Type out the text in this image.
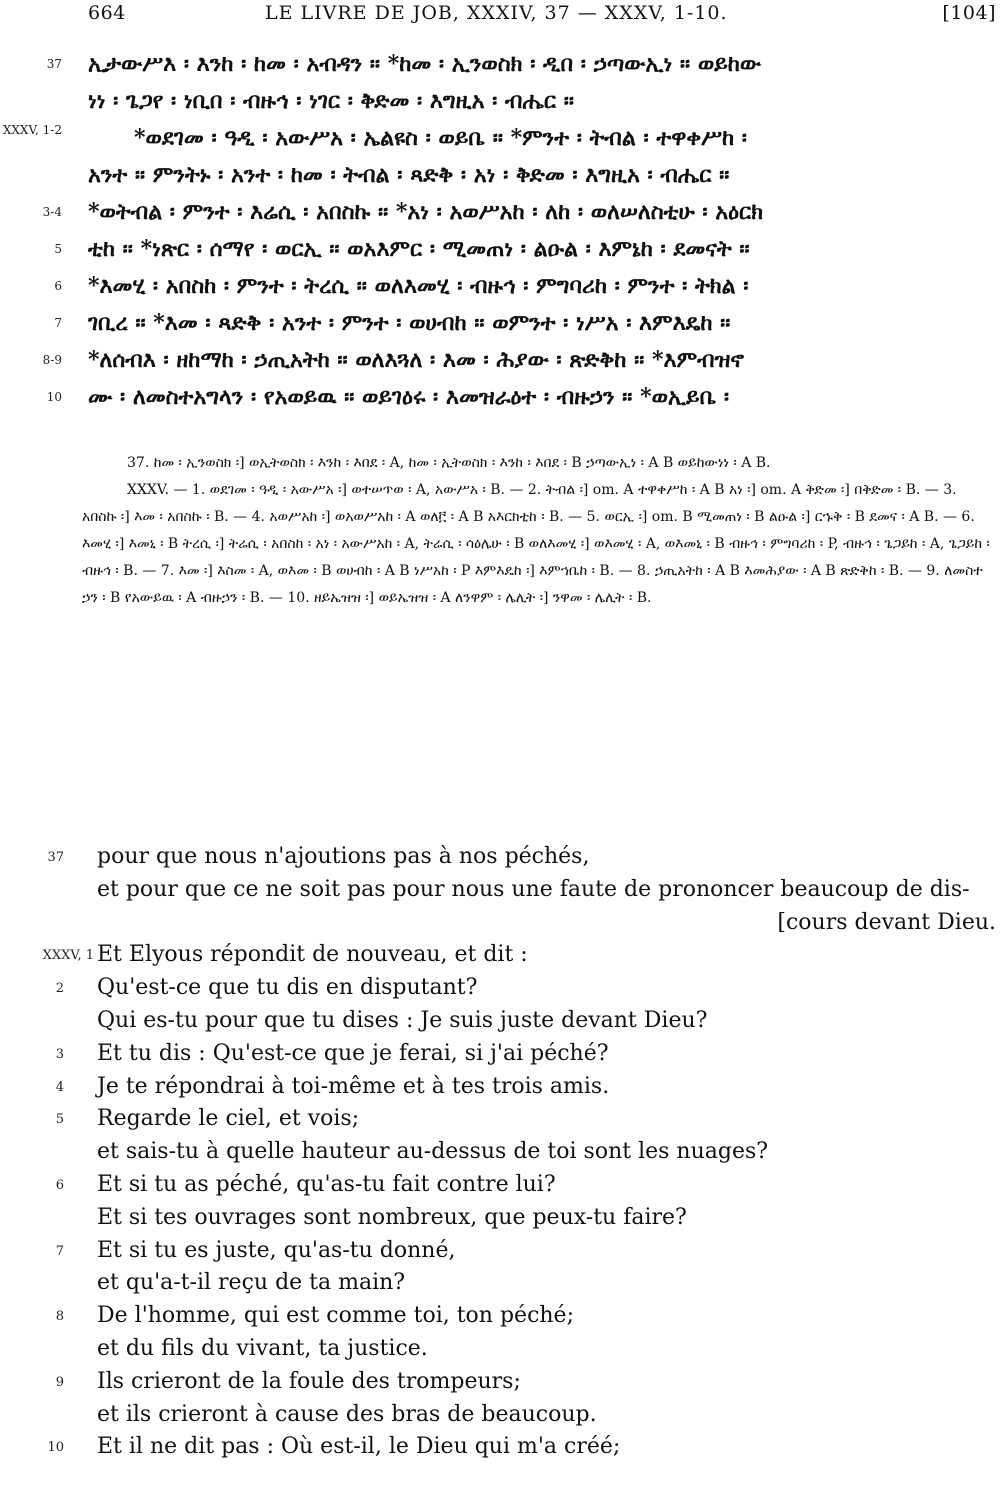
664	LE LIVRE DE JOB, XXXIV, 37 — XXXV, 1-10.	[104]
37 ኢታውሥእ ፡ እንከ ፡ ከመ ፡ አብዳን ። *ከመ ፡ ኢንወስክ ፡ ዲበ ፡ ኃጣውኢነ ። ወይከው
ነነ ፡ ጌጋየ ፡ ነቢበ ፡ ብዙኅ ፡ ነገር ፡ ቅድመ ፡ እግዚአ ፡ ብሔር ።
XXXV, 1-2	*ወደገመ ፡ ዓዲ ፡ አውሥአ ፡ ኤልዩስ ፡ ወይቤ ። *ምንተ ፡ ትብል ፡ ተዋቀሥከ ፡
አንተ ። ምንትኑ ፡ አንተ ፡ ከመ ፡ ትብል ፡ ጻድቅ ፡ አነ ፡ ቅድመ ፡ እግዚአ ፡ ብሔር ።
3-4 *ወትብል ፡ ምንተ ፡ እሬሲ ፡ አበስኩ ። *አነ ፡ አወሥአከ ፡ ለከ ፡ ወለሠለስቲሁ ፡ አዕርክ
5 ቲከ ። *ነጽር ፡ ሰማየ ፡ ወርኢ ። ወአእምር ፡ ሚመጠነ ፡ ልዑል ፡ እምኔከ ፡ ደመናት ።
6 *እመሂ ፡ አበስከ ፡ ምንተ ፡ ትረሲ ። ወለእመሂ ፡ ብዙኅ ፡ ምግባሪከ ፡ ምንተ ፡ ትክል ፡
7 ገቢረ ። *እመ ፡ ጻድቅ ፡ አንተ ፡ ምንተ ፡ ወሀብከ ። ወምንተ ፡ ነሥአ ፡ እምእዴከ ።
8-9 *ለሰብእ ፡ ዘከማከ ፡ ኃጢአትከ ። ወለእጓለ ፡ እመ ፡ ሕያው ፡ ጽድቅከ ። *እምብዝኖ
10 ሙ ፡ ለመስተአግላን ፡ የአወይዉ ። ወይገዕሩ ፡ እመዝራዕተ ፡ ብዙኃን ። *ወኢይቤ ፡

37. ከመ ፡ ኢንወስክ ፡] ወኢትወስክ ፡ እንከ ፡ እበደ ፡ A, ከመ ፡ ኢትወስክ ፡ እንከ ፡ እበደ ፡ B ኃጣውኢነ ፡ A B ወይከውነነ ፡ A B.

XXXV. — 1. ወደገመ ፡ ዓዲ ፡ አውሥአ ፡] ወተሠጥወ ፡ A, አውሥአ ፡ B. — 2. ትብል ፡] om. A ተዋቀሥከ ፡ A B አነ ፡] om. A ቅድመ ፡] በቅድመ ፡ B. — 3. አበስኩ ፡] እመ ፡ አበስኩ ፡ B. — 4. አወሥአከ ፡] ወአወሥአከ ፡ A ወለ፫ ፡ A B አእርክቲከ ፡ B. — 5. ወርኢ ፡] om. B ሚመጠነ ፡ B ልዑል ፡] ርኁቅ ፡ B ደመና ፡ A B. — 6. እመሂ ፡] እመኒ ፡ B ትረሲ ፡] ትሬሲ ፡ አበስከ ፡ አነ ፡ አውሥአከ ፡ A, ትሬሲ ፡ ሳዕሌሁ ፡ B ወለእመሂ ፡] ወእመሂ ፡ A, ወእመኒ ፡ B ብዙኅ ፡ ምግባሪከ ፡ P, ብዙኅ ፡ ጌጋይከ ፡ A, ጌጋይከ ፡ ብዙኅ ፡ B. — 7. እመ ፡] እስመ ፡ A, ወእመ ፡ B ወሀብከ ፡ A B ነሥአከ ፡ P እምእዴከ ፡] እምኀቤከ ፡ B. — 8. ኃጢአትከ ፡ A B እመሕያው ፡ A B ጽድቅከ ፡ B. — 9. ለመስተ ኃን ፡ B የአውይዉ ፡ A ብዙኃን ፡ B. — 10. ዘይኤዝዝ ፡] ወይኤዝዝ ፡ A ለንዋም ፡ ሌሊት ፡] ንዋመ ፡ ሌሊት ፡ B.

37 pour que nous n'ajoutions pas à nos péchés,
et pour que ce ne soit pas pour nous une faute de prononcer beaucoup de dis-
[cours devant Dieu.
XXXV, 1 Et Elyous répondit de nouveau, et dit :
2 Qu'est-ce que tu dis en disputant?
Qui es-tu pour que tu dises : Je suis juste devant Dieu?
3 Et tu dis : Qu'est-ce que je ferai, si j'ai péché?
4 Je te répondrai à toi-même et à tes trois amis.
5 Regarde le ciel, et vois;
et sais-tu à quelle hauteur au-dessus de toi sont les nuages?
6 Et si tu as péché, qu'as-tu fait contre lui?
Et si tes ouvrages sont nombreux, que peux-tu faire?
7 Et si tu es juste, qu'as-tu donné,
et qu'a-t-il reçu de ta main?
8 De l'homme, qui est comme toi, ton péché;
et du fils du vivant, ta justice.
9 Ils crieront de la foule des trompeurs;
et ils crieront à cause des bras de beaucoup.
10 Et il ne dit pas : Où est-il, le Dieu qui m'a créé;
